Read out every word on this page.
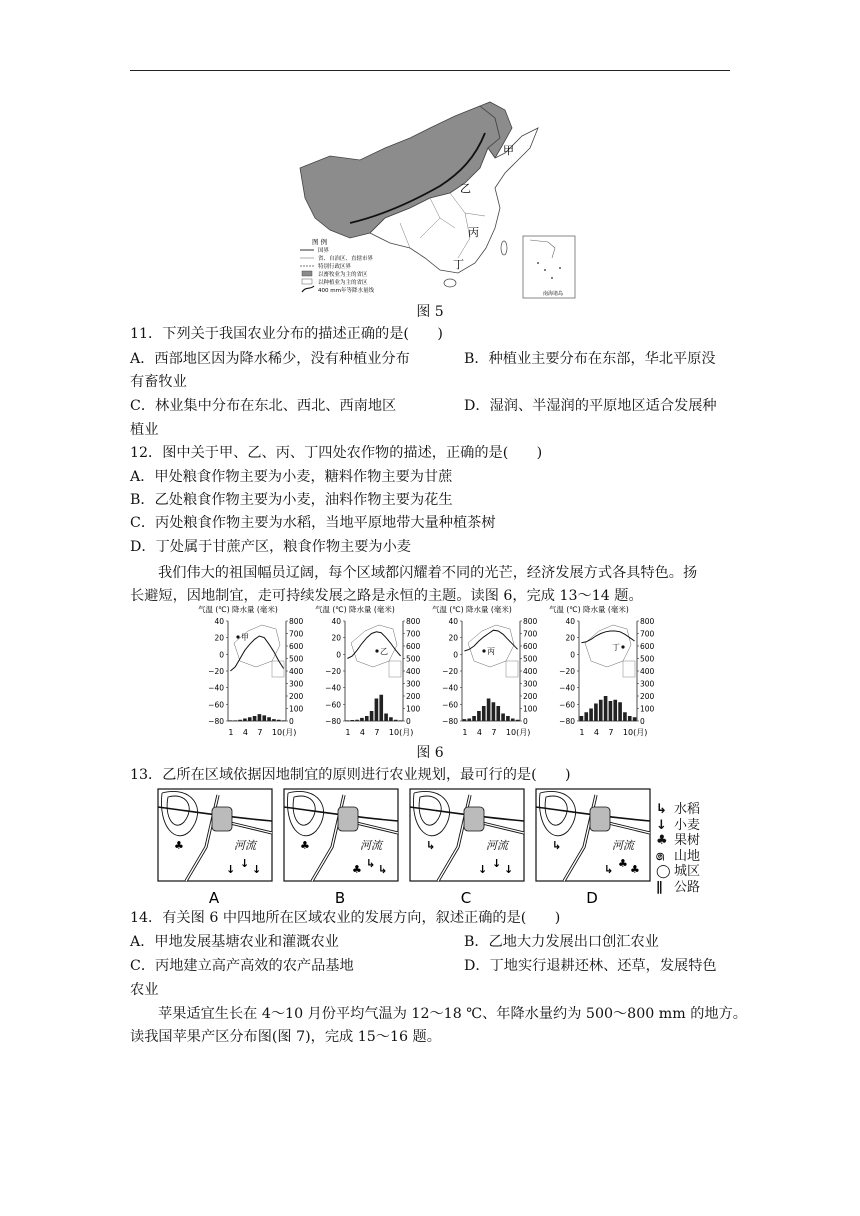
甲
乙
丙
丁
图 例
国界
省、自治区、直辖市界
特别行政区界
以畜牧业为主的省区
以种植业为主的省区
400 mm年等降水量线	南海诸岛
图 5
11．下列关于我国农业分布的描述正确的是(　　)
A．西部地区因为降水稀少，没有种植业分布	B．种植业主要分布在东部，华北平原没
有畜牧业
C．林业集中分布在东北、西北、西南地区	D．湿润、半湿润的平原地区适合发展种
植业
12．图中关于甲、乙、丙、丁四处农作物的描述，正确的是(　　)
A．甲处粮食作物主要为小麦，糖料作物主要为甘蔗
B．乙处粮食作物主要为小麦，油料作物主要为花生
C．丙处粮食作物主要为水稻，当地平原地带大量种植茶树
D．丁处属于甘蔗产区，粮食作物主要为小麦
我们伟大的祖国幅员辽阔，每个区域都闪耀着不同的光芒，经济发展方式各具特色。扬
长避短，因地制宜，走可持续发展之路是永恒的主题。读图 6，完成 13～14 题。
气温 (℃) 降水量 (毫米)
40
20
0
−20
−40
−60
−80
800
700
600
500
400
300
200
100
0
甲
1 4 7 10(月)
气温 (℃) 降水量 (毫米)
40
20
0
−20
−40
−60
−80
800
700
600
500
400
300
200
100
0
乙
1 4 7 10(月)
气温 (℃) 降水量 (毫米)
40
20
0
−20
−40
−60
−80
800
700
600
500
400
300
200
100
0
丙
1 4 7 10(月)
气温 (℃) 降水量 (毫米)
40
20
0
−20
−40
−60
−80
800
700
600
500
400
300
200
100
0
丁
1 4 7 10(月)
图 6
13．乙所在区域依据因地制宜的原则进行农业规划，最可行的是(　　)
河流
↓ ↓
↓
♣
A
河流
↳ ↳
♣
♣
B
河流
↓ ↓
↓
↳
C
河流
♣ ♣
↳
↳
D
↳ 水稻
↓ 小麦
♣ 果树
෧ 山地
◯ 城区
∥ 公路
14．有关图 6 中四地所在区域农业的发展方向，叙述正确的是(　　)
A．甲地发展基塘农业和灌溉农业	B．乙地大力发展出口创汇农业
C．丙地建立高产高效的农产品基地	D．丁地实行退耕还林、还草，发展特色
农业
苹果适宜生长在 4～10 月份平均气温为 12～18 ℃、年降水量约为 500～800 mm 的地方。
读我国苹果产区分布图(图 7)，完成 15～16 题。
